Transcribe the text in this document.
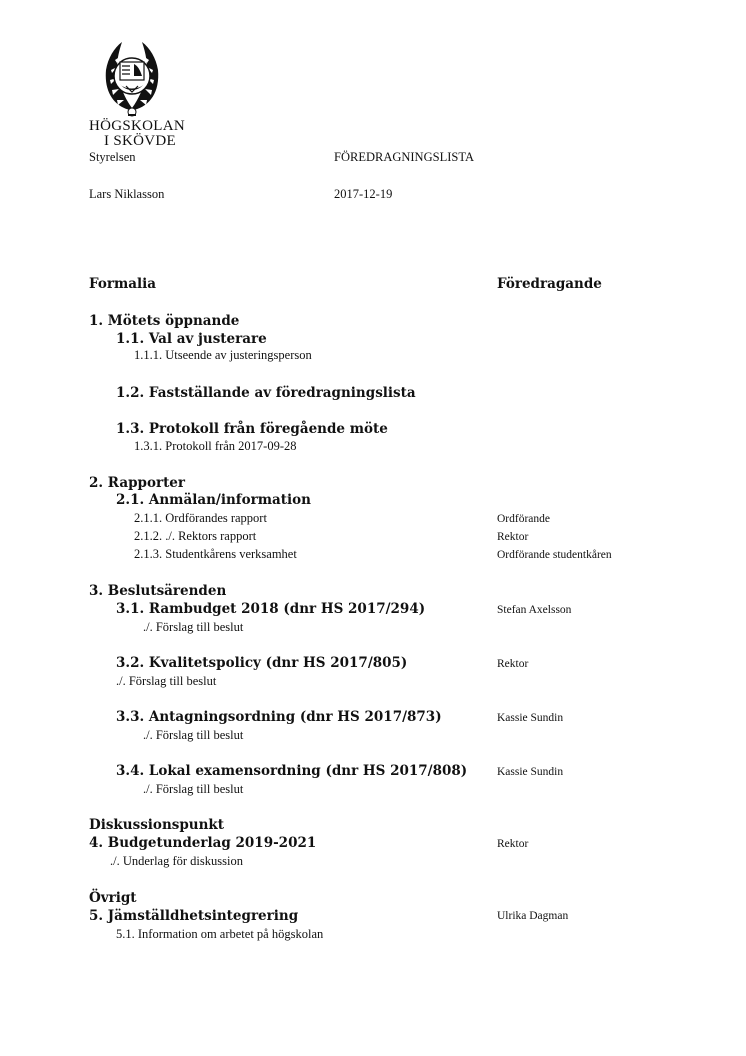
HÖGSKOLAN
I SKÖVDE
Styrelsen	FÖREDRAGNINGSLISTA
Lars Niklasson	2017-12-19
Formalia	Föredragande
1. Mötets öppnande
1.1. Val av justerare
1.1.1. Utseende av justeringsperson
1.2. Fastställande av föredragningslista
1.3. Protokoll från föregående möte
1.3.1. Protokoll från 2017-09-28
2. Rapporter
2.1. Anmälan/information
2.1.1. Ordförandes rapport	Ordförande
2.1.2. ./. Rektors rapport	Rektor
2.1.3. Studentkårens verksamhet	Ordförande studentkåren
3. Beslutsärenden
3.1. Rambudget 2018 (dnr HS 2017/294)	Stefan Axelsson
./. Förslag till beslut
3.2. Kvalitetspolicy (dnr HS 2017/805)	Rektor
./. Förslag till beslut
3.3. Antagningsordning (dnr HS 2017/873)	Kassie Sundin
./. Förslag till beslut
3.4. Lokal examensordning (dnr HS 2017/808)	Kassie Sundin
./. Förslag till beslut
Diskussionspunkt
4. Budgetunderlag 2019-2021	Rektor
./. Underlag för diskussion
Övrigt
5. Jämställdhetsintegrering	Ulrika Dagman
5.1. Information om arbetet på högskolan
